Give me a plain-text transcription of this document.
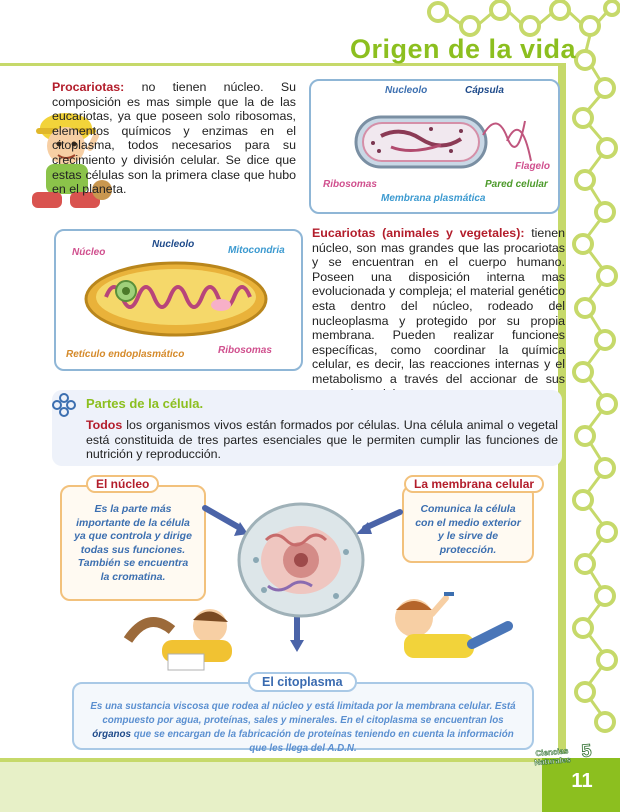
Origen de la vida
Procariotas: no tienen núcleo. Su composición es mas simple que la de las eucariotas, ya que poseen solo ribosomas, elementos químicos y enzimas en el citoplasma, todos necesarios para su crecimiento y división celular. Se dice que estas células son la primera clase que hubo en el planeta.
Nucleolo	Cápsula
Flagelo
Ribosomas	Pared celular
Membrana plasmática
Núcleo
Nucleolo
Mitocondria
Retículo endoplasmático	Ribosomas
Eucariotas (animales y vegetales): tienen núcleo, son mas grandes que las procariotas y se encuentran en el cuerpo humano. Poseen una disposición interna mas evolucionada y compleja; el material genético esta dentro del núcleo, rodeado del nucleoplasma y protegido por su propia membrana. Pueden realizar funciones específicas, como coordinar la química celular, es decir, las reacciones internas y el metabolismo a través del accionar de sus
Partes de la célula.
Todos los organismos vivos están formados por células. Una célula animal o vegetal está constituida de tres partes esenciales que le permiten cumplir las funciones de nutrición y reproducción.
Es la parte más importante de la célula ya que controla y dirige todas sus funciones. También se encuentra la cromatina.
El núcleo
Comunica la célula con el medio exterior y le sirve de protección.
La membrana celular
Es una sustancia viscosa que rodea al núcleo y está limitada por la membrana celular. Está compuesto por agua, proteínas, sales y minerales. En el citoplasma se encuentran los órganos que se encargan de la fabricación de proteínas teniendo en cuenta la información que les llega del A.D.N.
El citoplasma
Ciencias
Naturales
5
11
